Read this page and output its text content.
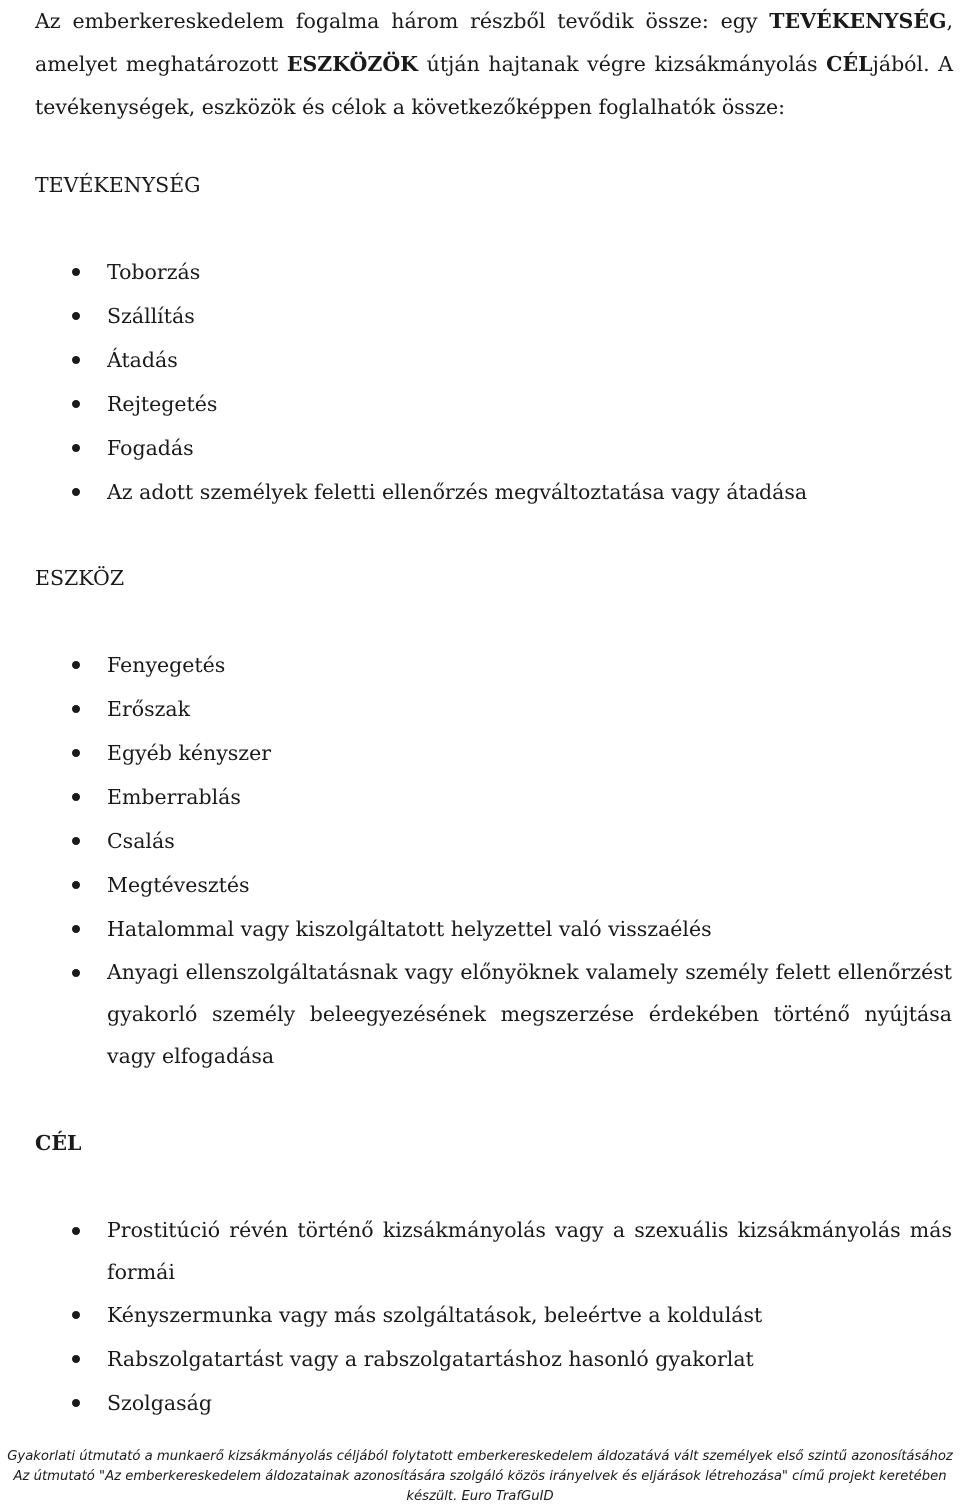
Az emberkereskedelem fogalma három részből tevődik össze: egy TEVÉKENYSÉG, amelyet meghatározott ESZKÖZÖK útján hajtanak végre kizsákmányolás CÉLjából. A tevékenységek, eszközök és célok a következőképpen foglalhatók össze:

TEVÉKENYSÉG
Toborzás
Szállítás
Átadás
Rejtegetés
Fogadás
Az adott személyek feletti ellenőrzés megváltoztatása vagy átadása
ESZKÖZ
Fenyegetés
Erőszak
Egyéb kényszer
Emberrablás
Csalás
Megtévesztés
Hatalommal vagy kiszolgáltatott helyzettel való visszaélés
Anyagi ellenszolgáltatásnak vagy előnyöknek valamely személy felett ellenőrzést gyakorló személy beleegyezésének megszerzése érdekében történő nyújtása vagy elfogadása
CÉL
Prostitúció révén történő kizsákmányolás vagy a szexuális kizsákmányolás más formái
Kényszermunka vagy más szolgáltatások, beleértve a koldulást
Rabszolgatartást vagy a rabszolgatartáshoz hasonló gyakorlat
Szolgaság
Gyakorlati útmutató a munkaerő kizsákmányolás céljából folytatott emberkereskedelem áldozatává vált személyek első szintű azonosításához
Az útmutató "Az emberkereskedelem áldozatainak azonosítására szolgáló közös irányelvek és eljárások létrehozása" című projekt keretében
készült. Euro TrafGuID
